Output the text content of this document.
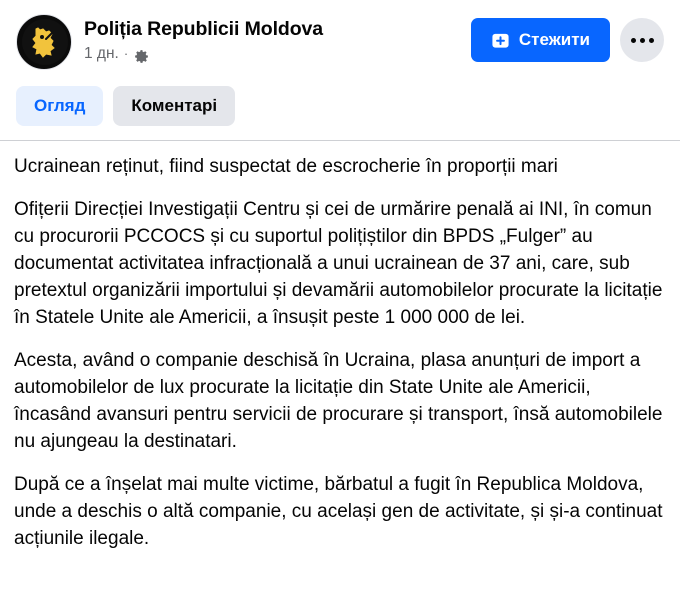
Poliția Republicii Moldova
1 дн. ·
Стежити
Огляд	Коментарі

Ucrainean reținut, fiind suspectat de escrocherie în proporții mari

Ofițerii Direcției Investigații Centru și cei de urmărire penală ai INI, în comun cu procurorii PCCOCS și cu suportul polițiștilor din BPDS „Fulger” au documentat activitatea infracțională a unui ucrainean de 37 ani, care, sub pretextul organizării importului și devamării automobilelor procurate la licitație în Statele Unite ale Americii, a însușit peste 1 000 000 de lei.

Acesta, având o companie deschisă în Ucraina, plasa anunțuri de import a automobilelor de lux procurate la licitație din State Unite ale Americii, încasând avansuri pentru servicii de procurare și transport, însă automobilele nu ajungeau la destinatari.

După ce a înșelat mai multe victime, bărbatul a fugit în Republica Moldova, unde a deschis o altă companie, cu același gen de activitate, și și-a continuat acțiunile ilegale.
